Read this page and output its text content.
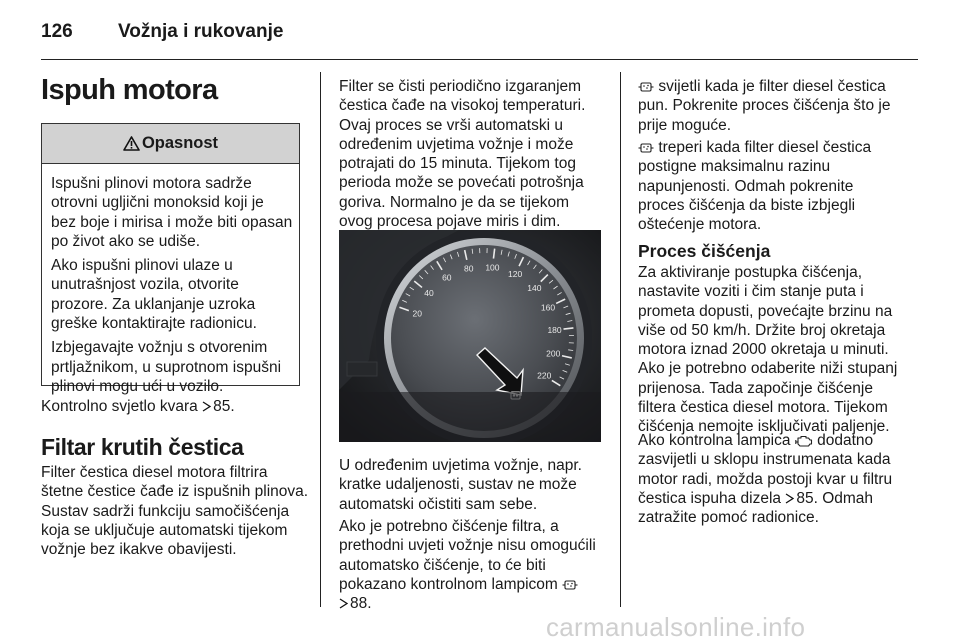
126 Vožnja i rukovanje
Ispuh motora
Opasnost

Ispušni plinovi motora sadrže otrovni ugljični monoksid koji je bez boje i mirisa i može biti opasan po život ako se udiše.

Ako ispušni plinovi ulaze u unutrašnjost vozila, otvorite prozore. Za uklanjanje uzroka greške kontaktirajte radionicu.

Izbjegavajte vožnju s otvorenim prtljažnikom, u suprotnom ispušni plinovi mogu ući u vozilo.

Kontrolno svjetlo kvara 85.

Filtar krutih čestica

Filter čestica diesel motora filtrira štetne čestice čađe iz ispušnih plinova. Sustav sadrži funkciju samočišćenja koja se uključuje automatski tijekom vožnje bez ikakve obavijesti.

Filter se čisti periodično izgaranjem čestica čađe na visokoj temperaturi. Ovaj proces se vrši automatski u određenim uvjetima vožnje i može potrajati do 15 minuta. Tijekom tog perioda može se povećati potrošnja goriva. Normalno je da se tijekom ovog procesa pojave miris i dim.

20
40
60
80 100
120
140
160
180
200
220

U određenim uvjetima vožnje, napr. kratke udaljenosti, sustav ne može automatski očistiti sam sebe.

Ako je potrebno čišćenje filtra, a prethodni uvjeti vožnje nisu omogućili automatsko čišćenje, to će biti pokazano kontrolnom lampicom
88.

svijetli kada je filter diesel čestica pun. Pokrenite proces čišćenja što je prije moguće.

treperi kada filter diesel čestica postigne maksimalnu razinu napunjenosti. Odmah pokrenite proces čišćenja da biste izbjegli oštećenje motora.

Proces čišćenja

Za aktiviranje postupka čišćenja, nastavite voziti i čim stanje puta i prometa dopusti, povećajte brzinu na više od 50 km/h. Držite broj okretaja motora iznad 2000 okretaja u minuti. Ako je potrebno odaberite niži stupanj prijenosa. Tada započinje čišćenje filtera čestica diesel motora. Tijekom čišćenja nemojte isključivati paljenje.

Ako kontrolna lampica dodatno zasvijetli u sklopu instrumenata kada motor radi, možda postoji kvar u filtru čestica ispuha dizela 85. Odmah zatražite pomoć radionice.

carmanualsonline.info
